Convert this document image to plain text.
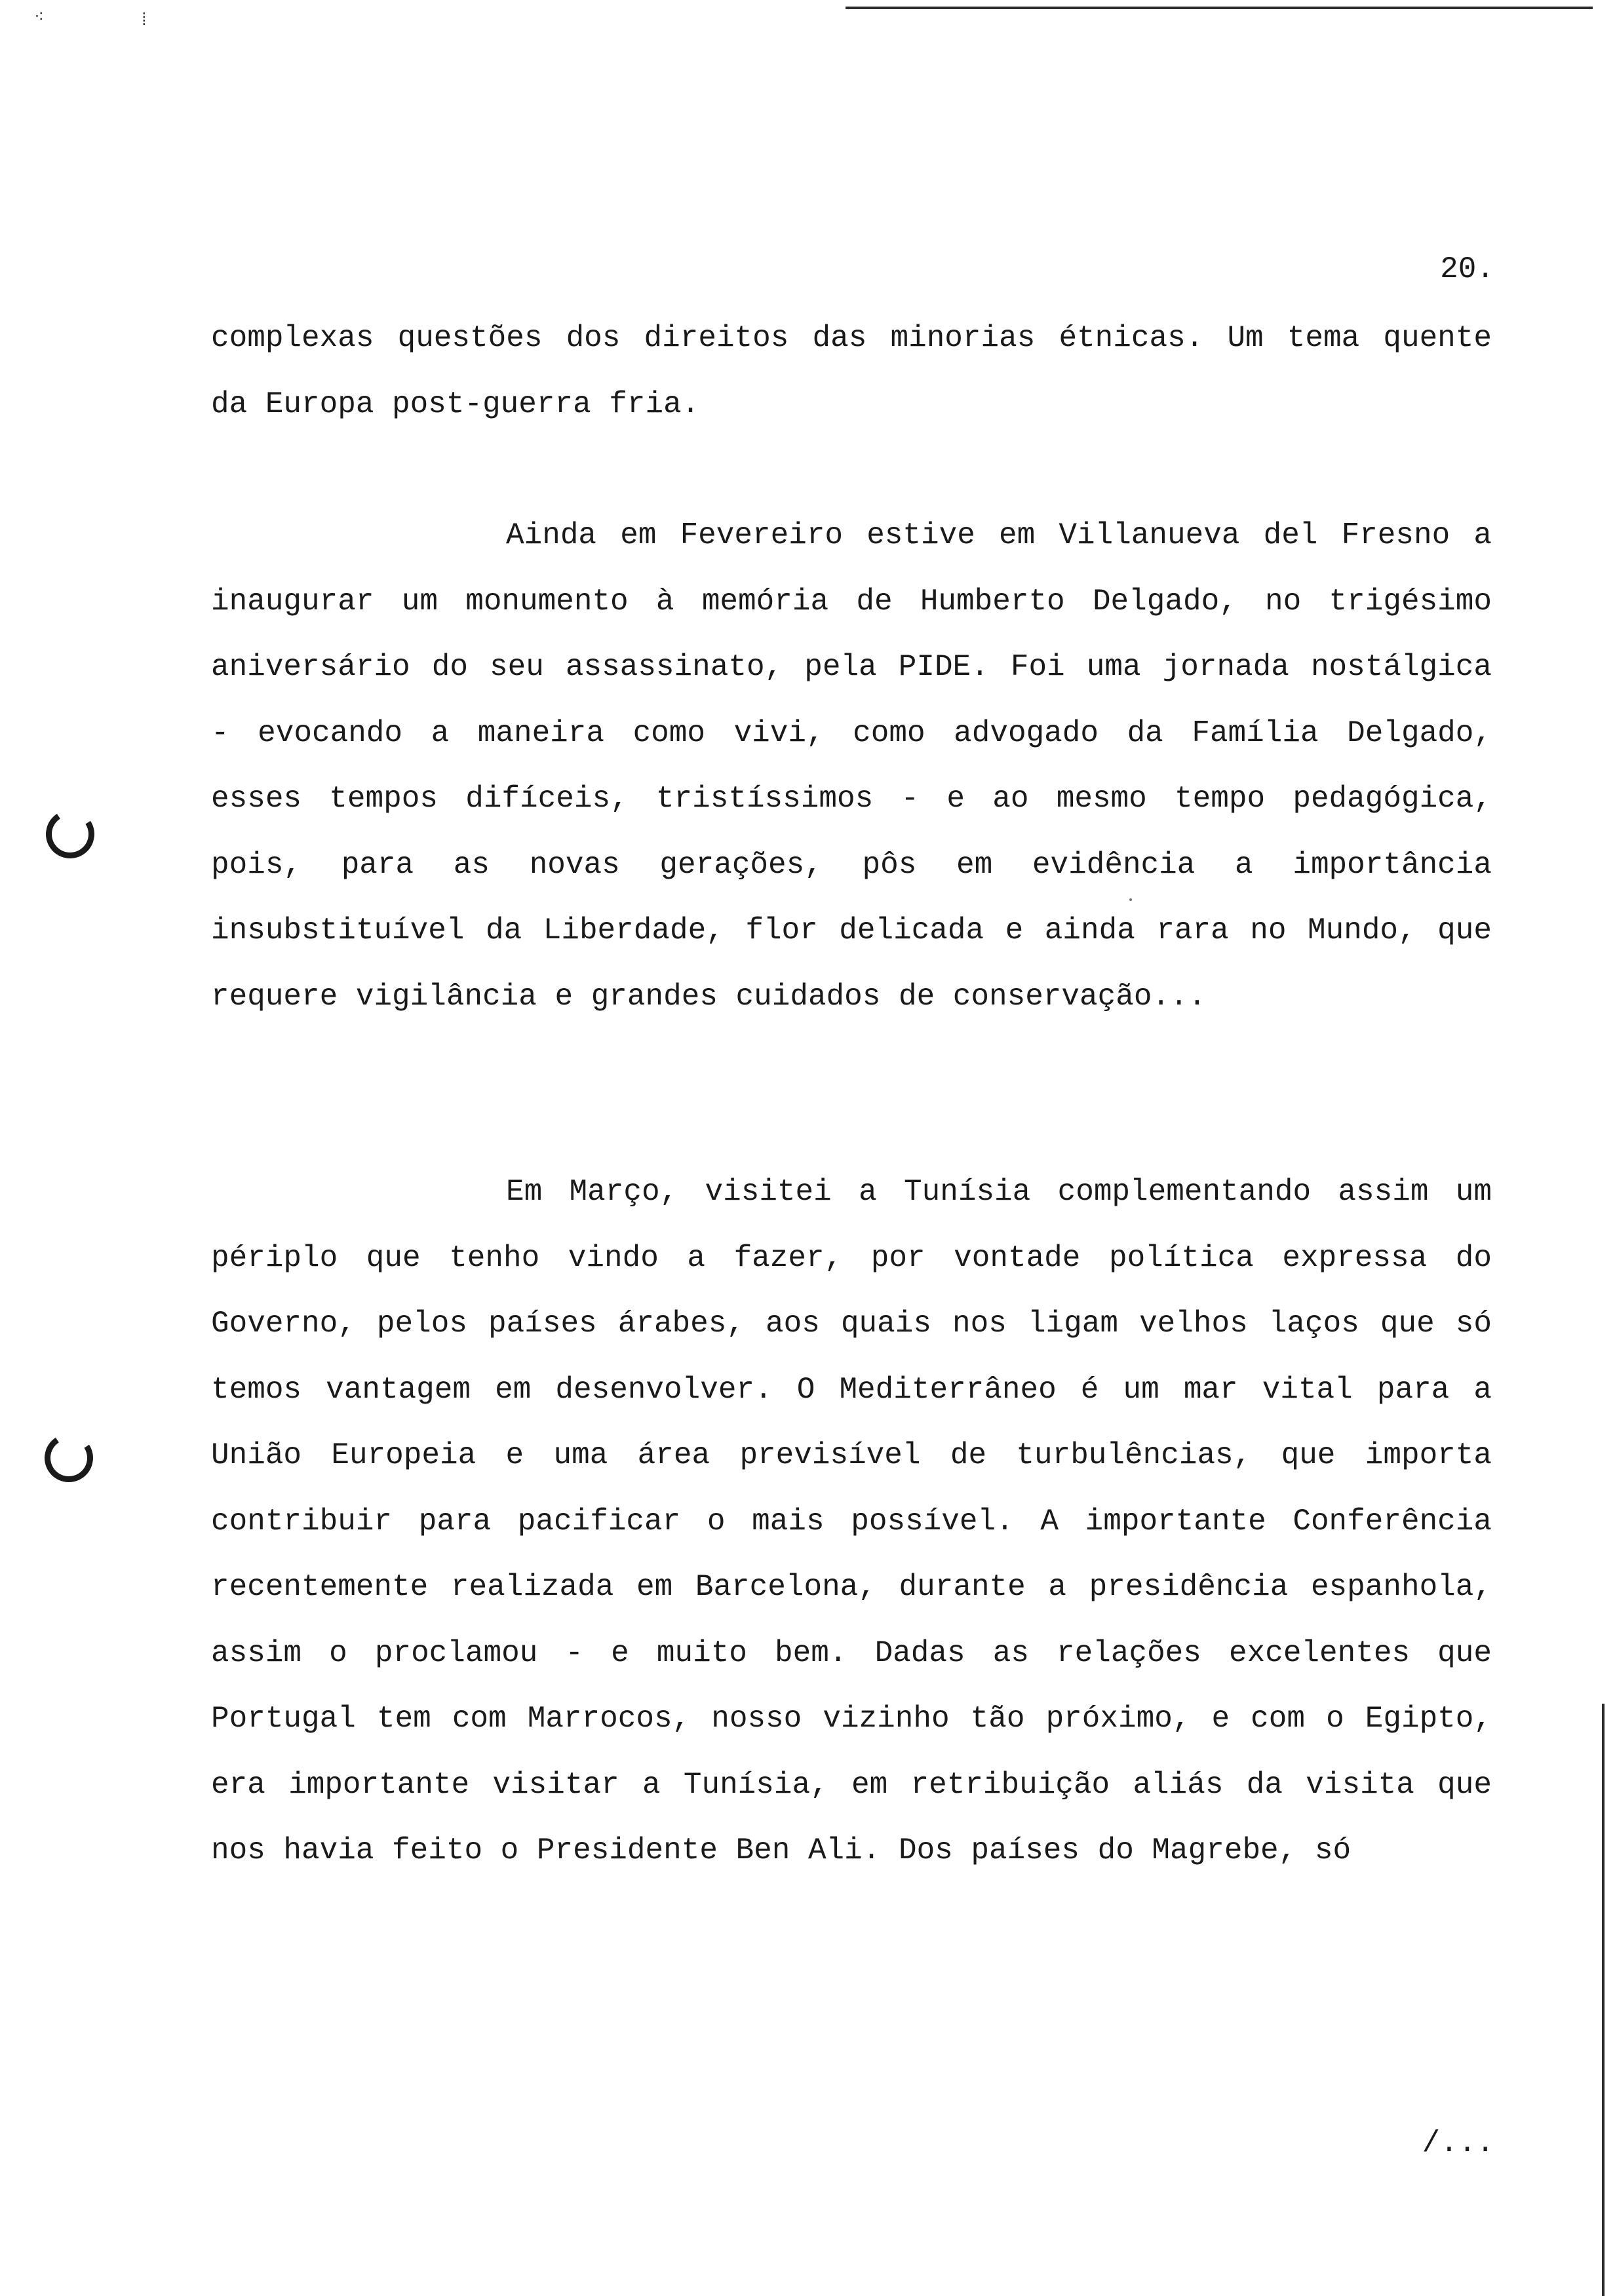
⁖	⁞
20.

complexas questões dos direitos das minorias étnicas. Um tema quente da Europa post-guerra fria.

Ainda em Fevereiro estive em Villanueva del Fresno a inaugurar um monumento à memória de Humberto Delgado, no trigésimo aniversário do seu assassinato, pela PIDE. Foi uma jornada nostálgica - evocando a maneira como vivi, como advogado da Família Delgado, esses tempos difíceis, tristíssimos - e ao mesmo tempo pedagógica, pois, para as novas gerações, pôs em evidência a importância insubstituível da Liberdade, flor delicada e ainda rara no Mundo, que requere vigilância e grandes cuidados de conservação...

Em Março, visitei a Tunísia complementando assim um périplo que tenho vindo a fazer, por vontade política expressa do Governo, pelos países árabes, aos quais nos ligam velhos laços que só temos vantagem em desenvolver. O Mediterrâneo é um mar vital para a União Europeia e uma área previsível de turbulências, que importa contribuir para pacificar o mais possível. A importante Conferência recentemente realizada em Barcelona, durante a presidência espanhola, assim o proclamou - e muito bem. Dadas as relações excelentes que Portugal tem com Marrocos, nosso vizinho tão próximo, e com o Egipto, era importante visitar a Tunísia, em retribuição aliás da visita que nos havia feito o Presidente Ben Ali. Dos países do Magrebe, só

/...
